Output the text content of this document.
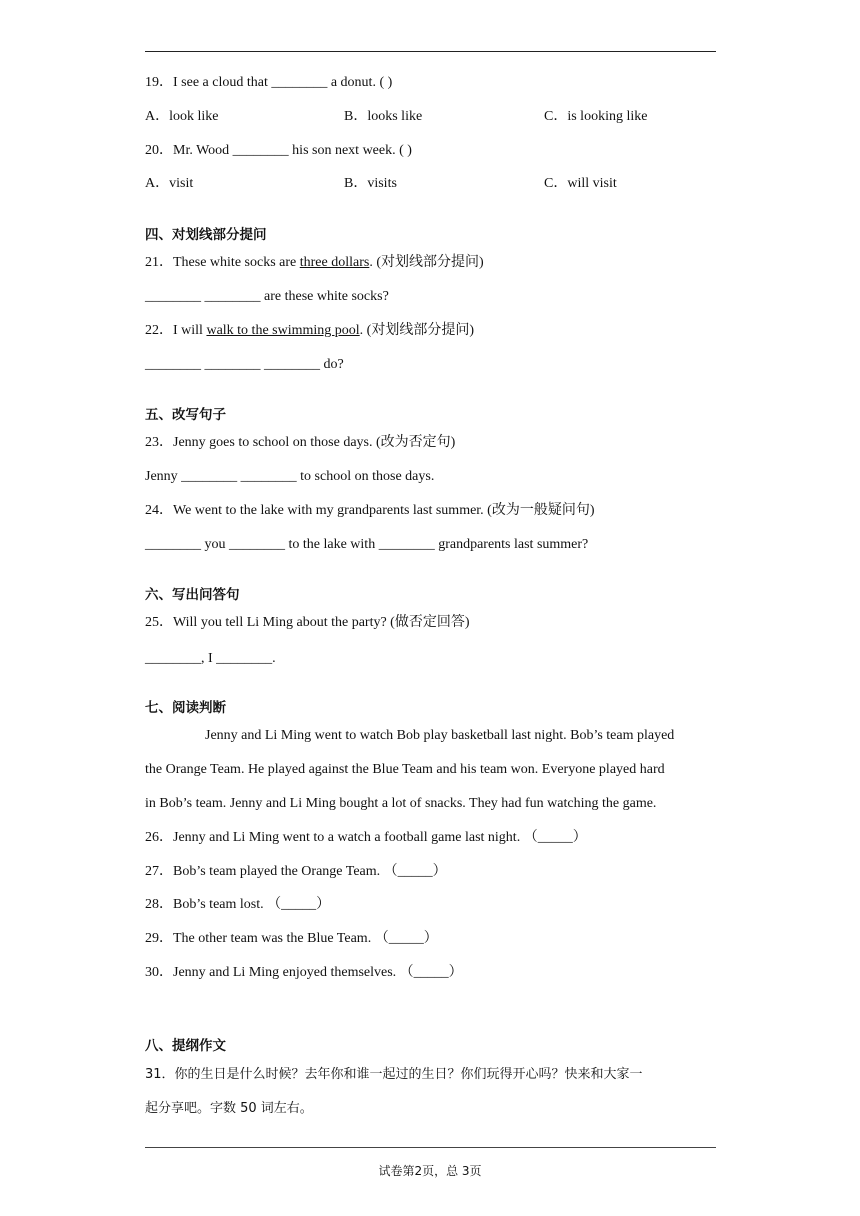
19．I see a cloud that ________ a donut. ( )
A．look like	B．looks like	C．is looking like
20．Mr. Wood ________ his son next week. ( )
A．visit	B．visits	C．will visit
四、对划线部分提问
21．These white socks are three dollars. (对划线部分提问)
________ ________ are these white socks?
22．I will walk to the swimming pool. (对划线部分提问)
________ ________ ________ do?
五、改写句子
23．Jenny goes to school on those days. (改为否定句)
Jenny ________ ________ to school on those days.
24．We went to the lake with my grandparents last summer. (改为一般疑问句)
________ you ________ to the lake with ________ grandparents last summer?
六、写出问答句
25．Will you tell Li Ming about the party? (做否定回答)
________, I ________.
七、阅读判断
Jenny and Li Ming went to watch Bob play basketball last night. Bob’s team played
the Orange Team. He played against the Blue Team and his team won. Everyone played hard
in Bob’s team. Jenny and Li Ming bought a lot of snacks. They had fun watching the game.
26．Jenny and Li Ming went to a watch a football game last night. （_____）
27．Bob’s team played the Orange Team. （_____）
28．Bob’s team lost. （_____）
29．The other team was the Blue Team. （_____）
30．Jenny and Li Ming enjoyed themselves. （_____）
八、提纲作文
31．你的生日是什么时候？去年你和谁一起过的生日？你们玩得开心吗？快来和大家一
起分享吧。字数 50 词左右。
试卷第2页，总 3页
